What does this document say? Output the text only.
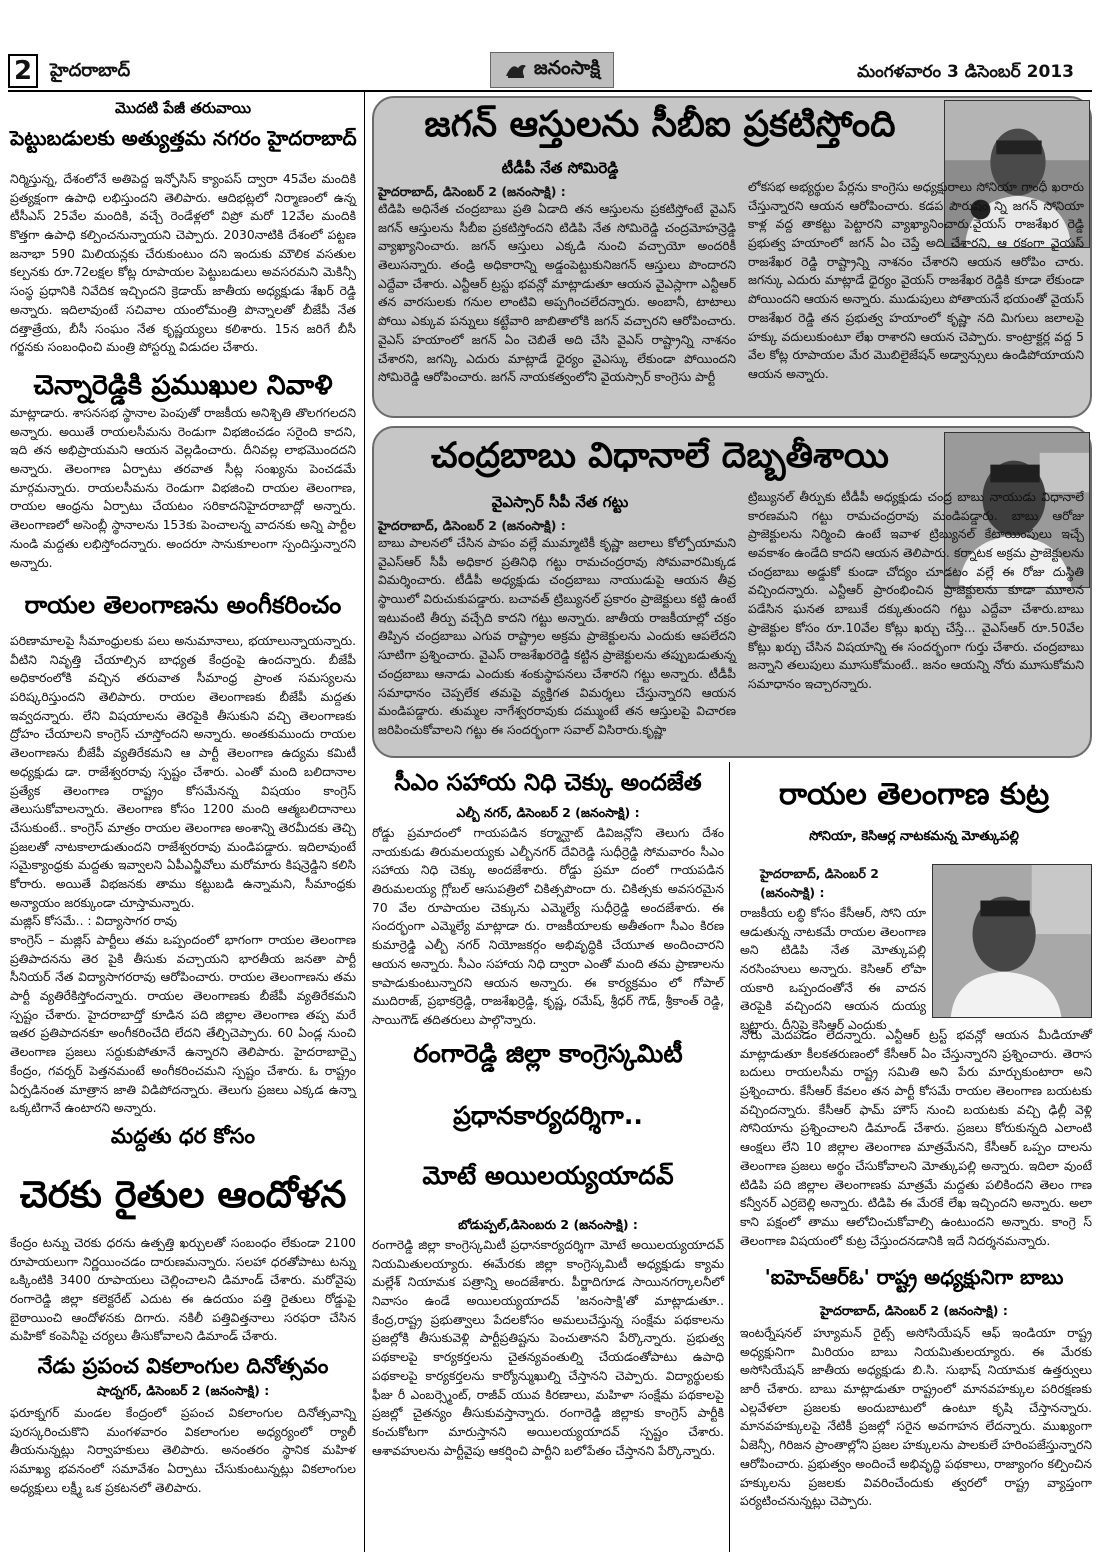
2 హైదరాబాద్	జనంసాక్షి	మంగళవారం 3 డిసెంబర్ 2013
మొదటి పేజీ తరువాయి
పెట్టుబడులకు అత్యుత్తమ నగరం హైదరాబాద్
నిర్మిస్తున్న, దేశంలోనే అతిపెద్ద ఇన్ఫోసిస్ క్యాంపస్ ద్వారా 45వేల మందికి ప్రత్యక్షంగా ఉపాధి లభిస్తుందని తెలిపారు. ఆదిభట్లలో నిర్మాణంలో ఉన్న టీసీఎస్ 25వేల మందికి, వచ్చే రెండేళ్లలో విప్రో మరో 12వేల మందికి కొత్తగా ఉపాధి కల్పించనున్నాయని చెప్పారు. 2030నాటికి దేశంలో పట్టణ జనాభా 590 మిలియన్లకు చేరుకుంటుం దని ఇందుకు మౌలిక వసతుల కల్పనకు రూ.72లక్షల కోట్ల రూపాయల పెట్టుబడులు అవసరమని మెకిన్సీ సంస్థ ప్రధానికి నివేదిక ఇచ్చిందని క్రెడాయ్ జాతీయ అధ్యక్షుడు శేఖర్ రెడ్డి అన్నారు. ఇదిలావుంటే సచివాల యంలోమంత్రి పొన్నాలతో బీజేపీ నేత దత్తాత్రేయ, బీసీ సంఘం నేత కృష్ణయ్యలు కలిశారు. 15న జరిగే బీసీ గర్జనకు సంబంధించి మంత్రి పోస్టర్ను విడుదల చేశారు.
చెన్నారెడ్డికి ప్రముఖుల నివాళి
మాట్లాడారు. శాసనసభ స్థానాల పెంపుతో రాజకీయ అనిశ్చితి తొలగగలదని అన్నారు. అయితే రాయలసీమను రెండుగా విభజించడం సరైంది కాదని, ఇది తన అభిప్రాయమని ఆయన వెల్లడించారు. దీనివల్ల లాభమొందదని అన్నారు. తెలంగాణ ఏర్పాటు తరవాత సీట్ల సంఖ్యను పెంచడమే మార్గమన్నారు. రాయలసీమను రెండుగా విభజించి రాయల తెలంగాణ, రాయల ఆంధ్రను ఏర్పాటు చేయటం సరికాదనిహైదరాబాద్లో అన్నారు. తెలంగాణలో అసెంబ్లీ స్థానాలను 153కు పెంచాలన్న వాదనకు అన్ని పార్టీల నుండి మద్దతు లభిస్తోందన్నారు. అందరూ సానుకూలంగా స్పందిస్తున్నారని అన్నారు.
రాయల తెలంగాణను అంగీకరించం
పరిణామాలపై సీమాంధ్రులకు పలు అనుమానాలు, భయాలున్నాయన్నారు. వీటిని నివృత్తి చేయాల్సిన బాధ్యత కేంద్రంపై ఉందన్నారు. బీజేపీ అధికారంలోకి వచ్చిన తరువాత సీమాంధ్ర ప్రాంత సమస్యలను పరిష్కరిస్తుందని తెలిపారు. రాయల తెలంగాణకు బీజేపీ మద్దతు ఇవ్వదన్నారు. లేని విషయాలను తెరపైకి తీసుకుని వచ్చి తెలంగాణకు ద్రోహం చేయాలని కాంగ్రెస్ చూస్తోందని అన్నారు. అంతకుముందు రాయల తెలంగాణను బీజేపీ వ్యతిరేకమని ఆ పార్టీ తెలంగాణ ఉద్యమ కమిటీ అధ్యక్షుడు డా. రాజేశ్వరరావు స్పష్టం చేశారు. ఎంతో మంది బలిదానాల ప్రత్యేక తెలంగాణ రాష్ట్రం కోసమేనన్న విషయం కాంగ్రెస్ తెలుసుకోవాలన్నారు. తెలంగాణ కోసం 1200 మంది ఆత్మబలిదానాలు చేసుకుంటే.. కాంగ్రెస్ మాత్రం రాయల తెలంగాణ అంశాన్ని తెరమీదకు తెచ్చి ప్రజలతో నాటకాలాడుతుందని రాజేశ్వరరావు మండిపడ్డారు. ఇదిలావుంటే సమైక్యాంధ్రకు మద్దతు ఇవ్వాలని ఏపీఎన్జీవోలు మరోమారు కిషన్రెడ్డిని కలిసి కోరారు. అయితే విభజనకు తాము కట్టుబడి ఉన్నామని, సీమాంధ్రకు అన్యాయం జరక్కుండా చూస్తామన్నారు.
మజ్లిస్ కోసమే.. : విద్యాసాగర రావు
కాంగ్రెస్ – మజ్లిస్ పార్టీలు తమ ఒప్పందంలో భాగంగా రాయల తెలంగాణ ప్రతిపాదనను తెర పైకి తీసుకు వచ్చాయని భారతీయ జనతా పార్టీ సీనియర్ నేత విద్యాసాగరరావు ఆరోపించారు. రాయల తెలంగాణను తమ పార్టీ వ్యతిరేకిస్తోందన్నారు. రాయల తెలంగాణకు బీజేపీ వ్యతిరేకమని స్పష్టం చేశారు. హైదరాబాద్తో కూడిన పది జిల్లాల తెలంగాణ తప్ప మరే ఇతర ప్రతిపాదనకూ అంగీకరించేది లేదని తేల్చిచెప్పారు. 60 ఏండ్ల నుంచి తెలంగాణ ప్రజలు సర్దుకుపోతూనే ఉన్నారని తెలిపారు. హైదరాబాద్పై కేంద్రం, గవర్నర్ పెత్తనమంటే అంగీకరించమని స్పష్టం చేశారు. ఓ రాష్ట్రం ఏర్పడినంత మాత్రాన జాతి విడిపోదన్నారు. తెలుగు ప్రజలు ఎక్కడ ఉన్నా ఒక్కటిగానే ఉంటారని అన్నారు.
మద్దతు ధర కోసం
చెరకు రైతుల ఆందోళన
కేంద్రం టన్ను చెరకు ధరను ఉత్పత్తి ఖర్చులతో సంబంధం లేకుండా 2100 రూపాయలుగా నిర్ణయించడం దారుణమన్నారు. సలహా ధరతోపాటు టన్ను ఒక్కింటికి 3400 రూపాయలు చెల్లించాలని డిమాండ్ చేశారు. మరోవైపు రంగారెడ్డి జిల్లా కలెక్టరేట్ ఎదుట ఈ ఉదయం పత్తి రైతులు రోడ్డుపై బైఠాయించి ఆందోళనకు దిగారు. నకిలీ పత్తివిత్తనాలు సరఫరా చేసిన మహికో కంపెనీపై చర్యలు తీసుకోవాలని డిమాండ్ చేశారు.
నేడు ప్రపంచ వికలాంగుల దినోత్సవం
షాద్నగర్, డిసెంబర్ 2 (జనంసాక్షి) :
ఫరూక్నగర్ మండల కేంద్రంలో ప్రపంచ వికలాంగుల దినోత్సవాన్ని పురస్కరించుకొని మంగళవారం వికలాంగుల అధ్యర్యంలో ర్యాలీ తీయనున్నట్లు నిర్వాహకులు తెలిపారు. అనంతరం స్థానిక మహిళ సమాఖ్య భవనంలో సమావేశం ఏర్పాటు చేసుకుంటున్నట్లు వికలాంగుల అధ్యక్షులు లక్ష్మీ ఒక ప్రకటనలో తెలిపారు.
జగన్ ఆస్తులను సీబీఐ ప్రకటిస్తోంది
టీడీపీ నేత సోమిరెడ్డి
హైదరాబాద్, డిసెంబర్ 2 (జనంసాక్షి) :
టిడిపి అధినేత చంద్రబాబు ప్రతి ఏడాది తన ఆస్తులను ప్రకటిస్తోంటే వైఎస్ జగన్ ఆస్తులను సీబీఐ ప్రకటిస్తోందని టిడిపి నేత సోమిరెడ్డి చంద్రమోహన్రెడ్డి వ్యాఖ్యానించారు. జగన్ ఆస్తులు ఎక్కడి నుంచి వచ్చాయో అందరికీ తెలుసన్నారు. తండ్రి అధికారాన్ని అడ్డంపెట్టుకునిజగన్ ఆస్తులు పొందారని ఎద్దేవా చేశారు. ఎన్టీఆర్ ట్రస్టు భవన్లో మాట్లాడుతూ ఆయన వైఎస్లాగా ఎన్టీఆర్ తన వారసులకు గనుల లాంటివి అప్పగించలేదన్నారు. అంబానీ, టాటాలు పోయి ఎక్కువ పన్నులు కట్టేవారి జాబితాలోకి జగన్ వచ్చారని ఆరోపించారు. వైఎస్ హయాంలో జగన్ ఏం చెబితే అది చేసి వైఎస్ రాష్ట్రాన్ని నాశనం చేశారని, జగన్కి ఎదురు మాట్లాడే ధైర్యం వైఎస్కు లేకుండా పోయిందని సోమిరెడ్డి ఆరోపించారు. జగన్ నాయకత్వంలోని వైయస్సార్ కాంగ్రెసు పార్టీ
లోకసభ అభ్యర్థుల పేర్లను కాంగ్రెసు అధ్యక్షురాలు సోనియా గాంధీ ఖరారు చేస్తున్నారని ఆయన ఆరోపించారు. కడప పౌరుషం న్ని జగన్ సోనియా కాళ్ల వద్ద తాకట్టు పెట్టారని వ్యాఖ్యానించారు.వైయస్ రాజశేఖర రెడ్డి ప్రభుత్వ హయాంలో జగన్ ఏం చెప్తే అది చేశారని, ఆ రకంగా వైయస్ రాజశేఖర రెడ్డి రాష్ట్రాన్ని నాశనం చేశారని ఆయన ఆరోపిం చారు. జగన్కు ఎదురు మాట్లాడే ధైర్యం వైయస్ రాజశేఖర రెడ్డికి కూడా లేకుండా పోయిందని ఆయన అన్నారు. ముడుపులు పోతాయనే భయంతో వైయస్ రాజశేఖర రెడ్డి తన ప్రభుత్వ హయాంలో కృష్ణా నది మిగులు జలాలపై హక్కు వదులుకుంటూ లేఖ రాశారని ఆయన చెప్పారు. కాంట్రాక్టర్ల వద్ద 5 వేల కోట్ల రూపాయల మేర మొబిలైజేషన్ అడ్వాన్సులు ఉండిపోయాయని ఆయన అన్నారు.
చంద్రబాబు విధానాలే దెబ్బతీశాయి
వైఎస్సార్ సీపీ నేత గట్టు
హైదరాబాద్, డిసెంబర్ 2 (జనంసాక్షి) :
బాబు పాలనలో చేసిన పాపం వల్లే ముమ్మాటికీ కృష్ణా జలాలు కోల్పోయామని వైఎస్ఆర్ సీపీ అధికార ప్రతినిధి గట్టు రామచంద్రరావు సోమవారమిక్కడ విమర్శించారు. టీడీపీ అధ్యక్షుడు చంద్రబాబు నాయుడుపై ఆయన తీవ్ర స్థాయిలో విరుచుకుపడ్డారు. బచావత్ ట్రిబ్యునల్ ప్రకారం ప్రాజెక్టులు కట్టి ఉంటే ఇటువంటి తీర్పు వచ్చేది కాదని గట్టు అన్నారు. జాతీయ రాజకీయాల్లో చక్రం తిప్పిన చంద్రబాబు ఎగువ రాష్ట్రాల అక్రమ ప్రాజెక్టులను ఎందుకు ఆపలేదని సూటిగా ప్రశ్నించారు. వైఎస్ రాజశేఖరరెడ్డి కట్టిన ప్రాజెక్టులను తప్పుబడుతున్న చంద్రబాబు ఆనాడు ఎందుకు శంకుస్థాపనలు చేశారని గట్టు అన్నారు. టీడీపీ సమాధానం చెప్పలేక తమపై వ్యక్తిగత విమర్శలు చేస్తున్నారని ఆయన మండిపడ్డారు. తుమ్మల నాగేశ్వరరావుకు దమ్ముంటే తన ఆస్తులపై విచారణ జరిపించుకోవాలని గట్టు ఈ సందర్భంగా సవాల్ విసిరారు.కృష్ణా
ట్రిబ్యునల్ తీర్పుకు టీడీపీ అధ్యక్షుడు చంద్ర బాబు నాయుడు విధానాలే కారణమని గట్టు రామచంద్రరావు మండిపడ్డారు. బాబు ఆరోజు ప్రాజెక్టులను నిర్మించి ఉంటే ఇవాళ ట్రిబ్యునల్ కేటాయింపులు ఇచ్చే అవకాశం ఉండేది కాదని ఆయన తెలిపారు. కర్నాటక అక్రమ ప్రాజెక్టులను చంద్రబాబు అడ్డుకో కుండా చోద్యం చూడటం వల్లే ఈ రోజు దుస్థితి వచ్చిందన్నారు. ఎన్టీఆర్ ప్రారంభించిన ప్రాజెక్టులను కూడా మూలన పడేసిన ఘనత బాబుకే దక్కుతుందని గట్టు ఎద్దేవా చేశారు.బాబు ప్రాజెక్టుల కోసం రూ.10వేల కోట్లు ఖర్చు చేస్తే... వైఎస్ఆర్ రూ.50వేల కోట్లు ఖర్చు చేసిన విషయాన్ని ఈ సందర్భంగా గుర్తు చేశారు. చంద్రబాబు జన్నాని తలుపులు మూసుకోమంటే.. జనం ఆయన్ని నోరు మూసుకోమని సమాధానం ఇచ్చారన్నారు.
సీఎం సహాయ నిధి చెక్కు అందజేత
ఎల్బీ నగర్, డిసెంబర్ 2 (జనంసాక్షి) :
రోడ్డు ప్రమాదంలో గాయపడిన కర్మాన్ఘాట్ డివిజన్లోని తెలుగు దేశం నాయకుడు తిరుమలయ్యకు ఎల్బీనగర్ దేవిరెడ్డి సుధీర్రెడ్డి సోమవారం సీఎం సహాయ నిధి చెక్కు అందజేశారు. రోడ్డు ప్రమా దంలో గాయపడిన తిరుమలయ్య గ్లోబల్ ఆసుపత్రిలో చికిత్సపొందా రు. చికిత్సకు అవసరమైన 70 వేల రూపాయల చెక్కును ఎమ్మెల్యే సుధీర్రెడ్డి అందజేశారు. ఈ సందర్భంగా ఎమ్మెల్యే మాట్లాడా రు. రాజకీయాలకు అతీతంగా సీఎం కిరణ కుమార్రెడ్డి ఎల్బీ నగర్ నియోజకర్గం అభివృద్ధికి చేయూత అందించారని ఆయన అన్నారు. సీఎం సహాయ నిధి ద్వారా ఎంతో మంది తమ ప్రాణాలను కాపాడుకుంటున్నారని ఆయన అన్నారు. ఈ కార్యక్రమం లో గోపాల్ ముదిరాజ్, ప్రభాకర్రెడ్డి, రాజశేఖర్రెడ్డి, కృష్ణ, రమేష్, శ్రీధర్ గౌడ్, శ్రీకాంత్ రెడ్డి, సాయిగౌడ్ తదితరులు పాల్గొన్నారు.
రంగారెడ్డి జిల్లా కాంగ్రెస్కమిటీ
ప్రధానకార్యదర్శిగా..
మోటే అయిలయ్యయాదవ్
బోడుప్పల్,డిసెంబరు 2 (జనంసాక్షి) :
రంగారెడ్డి జిల్లా కాంగ్రెస్కమిటీ ప్రధానకార్యదర్శిగా మోటే అయిలయ్యయాదవ్ నియమితులయ్యారు. ఈమేరకు జిల్లా కాంగ్రెస్కమిటీ అధ్యక్షుడు క్యామ మల్లేశ్ నియామక పత్రాన్ని అందజేశారు. పీర్జాదిగూడ సాయినగర్కాలనీలో నివాసం ఉండే అయిలయ్యయాదవ్ 'జనంసాక్షి'తో మాట్లాడుతూ.. కేంద్ర,రాష్ట్ర ప్రభుత్వాలు పేదలకోసం అమలుచేస్తున్న సంక్షేమ పథకాలను ప్రజల్లోకి తీసుకువెళ్లి పార్టీప్రతిష్టను పెంచుతానని పేర్కొన్నారు. ప్రభుత్వ పథకాలపై కార్యకర్తలను చైతన్యవంతుల్ని చేయడంతోపాటు ఉపాధి పథకాలపై కార్యకర్తలను కార్యోన్ముఖుల్ని చేస్తానని చెప్పారు. విద్యార్థులకు ఫీజు రీ ఎంబర్స్మెంట్, రాజీవ్ యువ కిరణాలు, మహిళా సంక్షేమ పథకాలపై ప్రజల్లో చైతన్యం తీసుకువస్తాన్నారు. రంగారెడ్డి జిల్లాకు కాంగ్రెస్ పార్టీకి కంచుకోటగా మారుస్తానని అయిలయ్యయాదవ్ స్పష్టం చేశారు. ఆశావహులను పార్టీవైపు ఆకర్షించి పార్టీని బలోపేతం చేస్తానని పేర్కొన్నారు.
రాయల తెలంగాణ కుట్ర
సోనియా, కెసిఆర్ల నాటకమన్న మోత్కుపల్లి
హైదరాబాద్, డిసెంబర్ 2 (జనంసాక్షి) :
రాజకీయ లబ్ధి కోసం కేసీఆర్, సోని యా ఆడుతున్న నాటకమే రాయల తెలంగాణ అని టిడిపి నేత మోత్కుపల్లి నరసింహులు అన్నారు. కెసిఆర్ లోపా యకారి ఒప్పందంతోనే ఈ వాదన తెరపైకి వచ్చిందని ఆయన దుయ్య బట్టారు. దీనిపై కెసిఆర్ ఎందుకు
నోరు మెదపడం లేదన్నారు. ఎన్టీఆర్ ట్రస్ట్ భవన్లో ఆయన మీడియాతో మాట్లాడుతూ కీలకతరుణంలో కేసీఆర్ ఏం చేస్తున్నారని ప్రశ్నించారు. తెరాస బదులు రాయలసీమ రాష్ట్ర సమితి అని పేరు మార్చుకుంటారా అని ప్రశ్నించారు. కేసీఆర్ కేవలం తన పార్టీ కోసమే రాయల తెలంగాణ బయటకు వచ్చిందన్నారు. కేసీఆర్ ఫామ్ హౌస్ నుంచి బయటకు వచ్చి ఢిల్లీ వెళ్లి సోనియాను ప్రశ్నించాలని డిమాండ్ చేశారు. ప్రజలు కోరుకున్నది ఎలాంటి ఆంక్షలు లేని 10 జిల్లాల తెలంగాణ మాత్రమేనని, కేసీఆర్ ఒప్పం దాలను తెలంగాణ ప్రజలు అర్థం చేసుకోవాలని మోత్కుపల్లి అన్నారు. ఇదిలా వుంటే టిడిపి పది జిల్లాల తెలంగాణకు మాత్రమే మద్దతు పలికిందని తెలం గాణ కన్వీనర్ ఎర్రబెల్లి అన్నారు. టిడిపి ఈ మేరకే లేఖ ఇచ్చిందని అన్నారు. అలా కాని పక్షంలో తాము ఆలోచించుకోవాల్సి ఉంటుందని అన్నారు. కాంగ్రె స్ తెలంగాణ విషయంలో కుట్ర చేస్తుందనడానికి ఇదే నిదర్శనమన్నారు.
'ఐహెచ్ఆర్ఓ' రాష్ట్ర అధ్యక్షునిగా బాబు
హైదరాబాద్, డిసెంబర్ 2 (జనంసాక్షి) :
ఇంటర్నేషనల్ హ్యూమన్ రైట్స్ అసోసియేషన్ ఆఫ్ ఇండియా రాష్ట్ర అధ్యక్షునిగా మిరియం బాబు నియమితులయ్యారు. ఈ మేరకు అసోసియేషన్ జాతీయ అధ్యక్షుడు బి.సి. సుభాష్ నియామక ఉత్తర్వులు జారీ చేశారు. బాబు మాట్లాడుతూ రాష్ట్రంలో మానవహక్కుల పరిరక్షణకు ఎల్లవేళలా ప్రజలకు అందుబాటులో ఉంటూ కృషి చేస్తానన్నారు. మానవహక్కులపై నేటికీ ప్రజల్లో సరైన అవగాహన లేదన్నారు. ముఖ్యంగా ఏజెన్సీ, గిరిజన ప్రాంతాల్లోని ప్రజల హక్కులను పాలకులే హరింపజేస్తున్నారని ఆరోపించారు. ప్రభుత్వం అందించే అభివృద్ధి పథకాలు, రాజ్యాంగం కల్పించిన హక్కులను ప్రజలకు వివరించేందుకు త్వరలో రాష్ట్ర వ్యాప్తంగా పర్యటించనున్నట్లు చెప్పారు.
